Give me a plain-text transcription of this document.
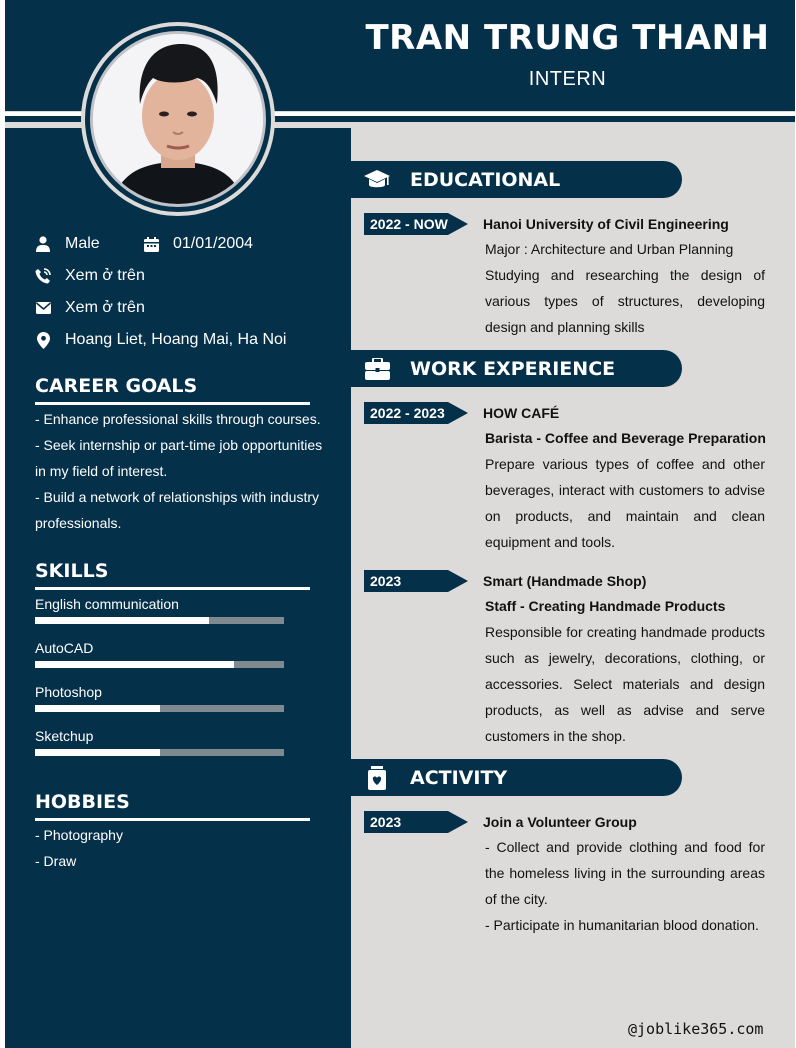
TRAN TRUNG THANH
INTERN
Male	01/01/2004
Xem ở trên
Xem ở trên
Hoang Liet, Hoang Mai, Ha Noi
CAREER GOALS
- Enhance professional skills through courses.
- Seek internship or part-time job opportunities in my field of interest.
- Build a network of relationships with industry professionals.
SKILLS
English communication
AutoCAD
Photoshop
Sketchup
HOBBIES
- Photography
- Draw
EDUCATIONAL
2022 - NOW	Hanoi University of Civil Engineering
Major : Architecture and Urban Planning
Studying and researching the design of various types of structures, developing design and planning skills
WORK EXPERIENCE
2022 - 2023	HOW CAFÉ
Barista - Coffee and Beverage Preparation
Prepare various types of coffee and other beverages, interact with customers to advise on products, and maintain and clean equipment and tools.
2023	Smart (Handmade Shop)
Staff - Creating Handmade Products
Responsible for creating handmade products such as jewelry, decorations, clothing, or accessories. Select materials and design products, as well as advise and serve customers in the shop.
ACTIVITY
2023	Join a Volunteer Group
- Collect and provide clothing and food for the homeless living in the surrounding areas of the city.
- Participate in humanitarian blood donation.
@joblike365.com
